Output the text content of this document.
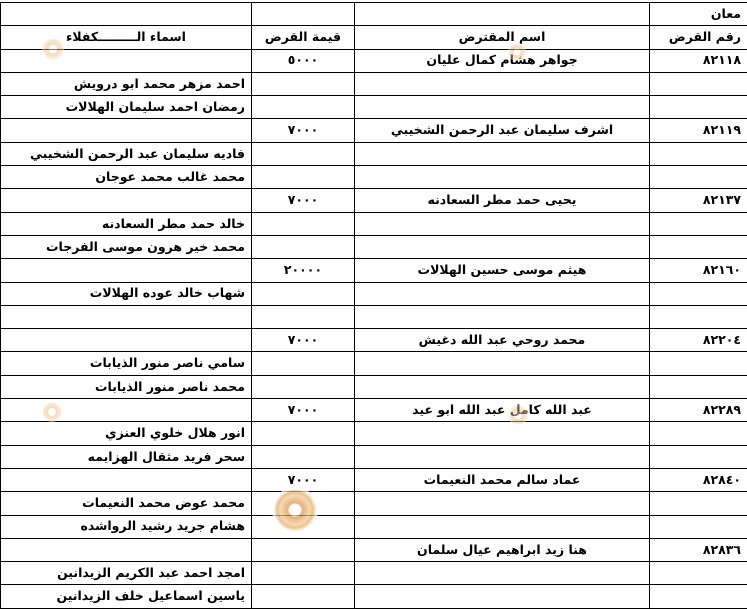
معان			
رقم القرض	اسم المقترض	قيمة القرض	اسماء الـــــــــكفلاء
٨٢١١٨	جواهر هشام كمال عليان	٥٠٠٠	
			احمد مزهر محمد ابو درويش
			رمضان احمد سليمان الهلالات
٨٢١١٩	اشرف سليمان عبد الرحمن الشخيبي	٧٠٠٠	
			فاديه سليمان عبد الرحمن الشخيبي
			محمد غالب محمد عوجان
٨٢١٣٧	يحيى حمد مطر السعادنه	٧٠٠٠	
			خالد حمد مطر السعادنه
			محمد خير هرون موسى الفرجات
٨٢١٦٠	هيثم موسى حسين الهلالات	٢٠٠٠٠	
			شهاب خالد عوده الهلالات

٨٢٢٠٤	محمد روحي عبد الله دغيش	٧٠٠٠	
			سامي ناصر منور الذيابات
			محمد ناصر منور الذيابات
٨٢٢٨٩	عبد الله كامل عبد الله ابو عيد	٧٠٠٠	
			انور هلال خلوي العنزي
			سحر فريد مثقال الهزايمه
٨٢٨٤٠	عماد سالم محمد النعيمات	٧٠٠٠	
			محمد عوض محمد النعيمات
			هشام جريد رشيد الرواشده
٨٢٨٣٦	هنا زيد ابراهيم عيال سلمان		
			امجد احمد عبد الكريم الزيدانين
			ياسين اسماعيل خلف الزيدانين
